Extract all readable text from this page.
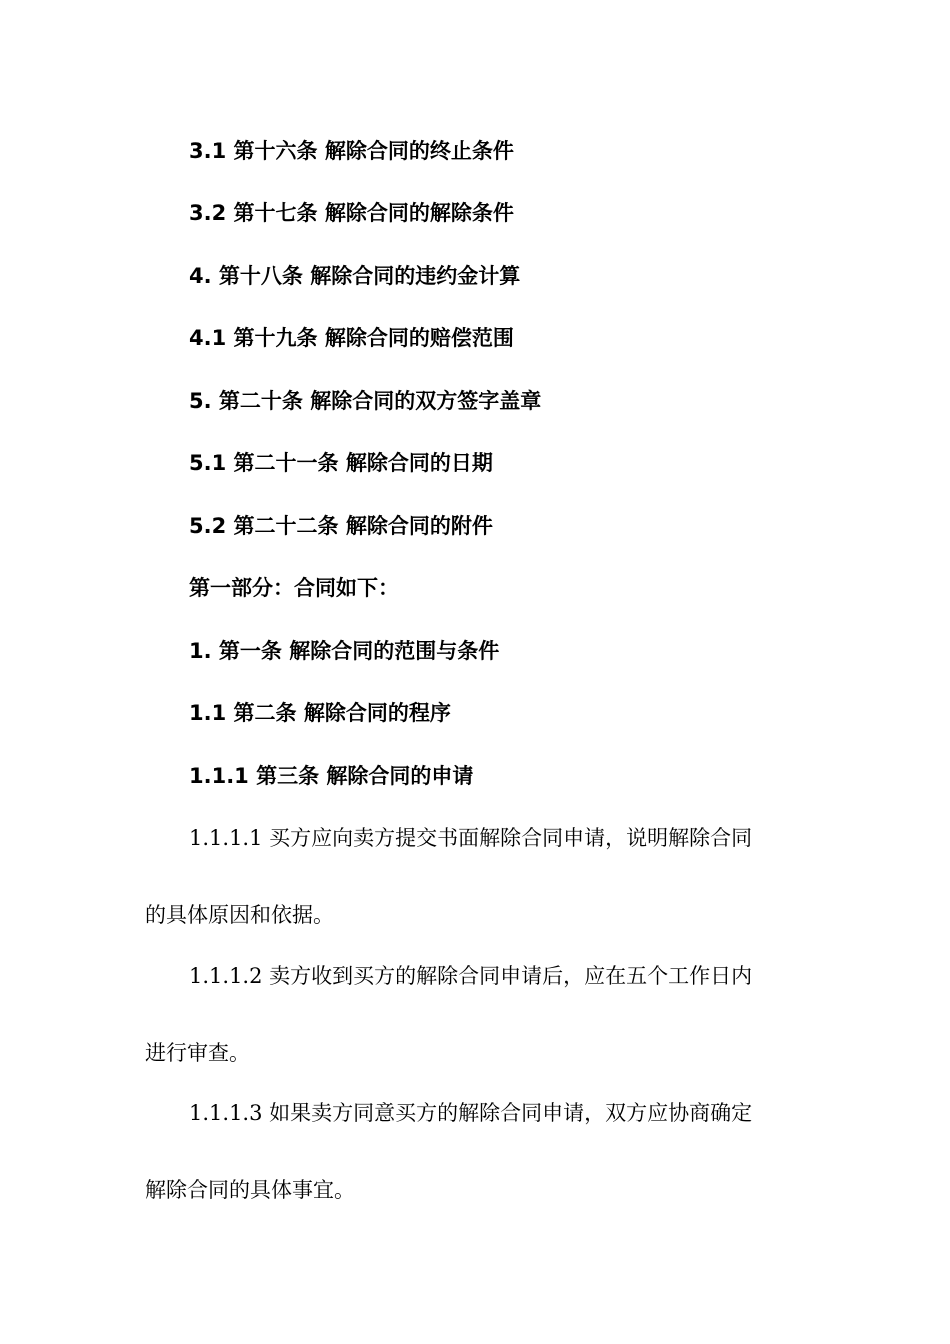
3.1 第十六条 解除合同的终止条件
3.2 第十七条 解除合同的解除条件
4. 第十八条 解除合同的违约金计算
4.1 第十九条 解除合同的赔偿范围
5. 第二十条 解除合同的双方签字盖章
5.1 第二十一条 解除合同的日期
5.2 第二十二条 解除合同的附件
第一部分：合同如下：
1. 第一条 解除合同的范围与条件
1.1 第二条 解除合同的程序
1.1.1 第三条 解除合同的申请
1.1.1.1 买方应向卖方提交书面解除合同申请，说明解除合同
的具体原因和依据。
1.1.1.2 卖方收到买方的解除合同申请后，应在五个工作日内
进行审查。
1.1.1.3 如果卖方同意买方的解除合同申请，双方应协商确定
解除合同的具体事宜。
